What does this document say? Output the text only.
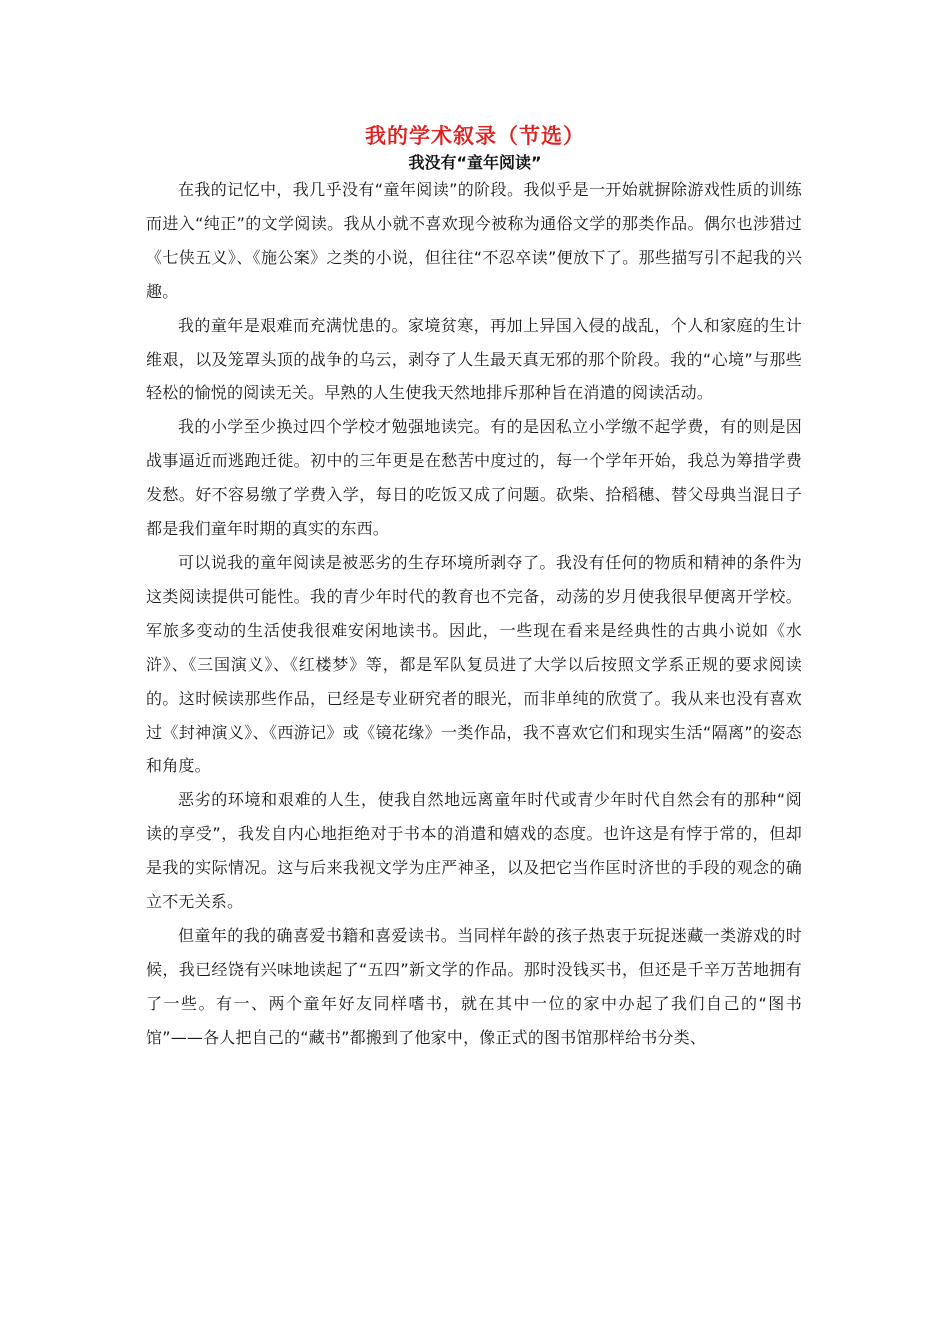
我的学术叙录（节选）
我没有“童年阅读”

在我的记忆中，我几乎没有“童年阅读”的阶段。我似乎是一开始就摒除游戏性质的训练而进入“纯正”的文学阅读。我从小就不喜欢现今被称为通俗文学的那类作品。偶尔也涉猎过《七侠五义》、《施公案》之类的小说，但往往“不忍卒读”便放下了。那些描写引不起我的兴趣。

我的童年是艰难而充满忧患的。家境贫寒，再加上异国入侵的战乱，个人和家庭的生计维艰，以及笼罩头顶的战争的乌云，剥夺了人生最天真无邪的那个阶段。我的“心境”与那些轻松的愉悦的阅读无关。早熟的人生使我天然地排斥那种旨在消遣的阅读活动。

我的小学至少换过四个学校才勉强地读完。有的是因私立小学缴不起学费，有的则是因战事逼近而逃跑迁徙。初中的三年更是在愁苦中度过的，每一个学年开始，我总为筹措学费发愁。好不容易缴了学费入学，每日的吃饭又成了问题。砍柴、拾稻穗、替父母典当混日子都是我们童年时期的真实的东西。

可以说我的童年阅读是被恶劣的生存环境所剥夺了。我没有任何的物质和精神的条件为这类阅读提供可能性。我的青少年时代的教育也不完备，动荡的岁月使我很早便离开学校。军旅多变动的生活使我很难安闲地读书。因此，一些现在看来是经典性的古典小说如《水浒》、《三国演义》、《红楼梦》等，都是军队复员进了大学以后按照文学系正规的要求阅读的。这时候读那些作品，已经是专业研究者的眼光，而非单纯的欣赏了。我从来也没有喜欢过《封神演义》、《西游记》或《镜花缘》一类作品，我不喜欢它们和现实生活“隔离”的姿态和角度。

恶劣的环境和艰难的人生，使我自然地远离童年时代或青少年时代自然会有的那种“阅读的享受”，我发自内心地拒绝对于书本的消遣和嬉戏的态度。也许这是有悖于常的，但却是我的实际情况。这与后来我视文学为庄严神圣，以及把它当作匡时济世的手段的观念的确立不无关系。

但童年的我的确喜爱书籍和喜爱读书。当同样年龄的孩子热衷于玩捉迷藏一类游戏的时候，我已经饶有兴味地读起了“五四”新文学的作品。那时没钱买书，但还是千辛万苦地拥有了一些。有一、两个童年好友同样嗜书，就在其中一位的家中办起了我们自己的“图书馆”——各人把自己的“藏书”都搬到了他家中，像正式的图书馆那样给书分类、
